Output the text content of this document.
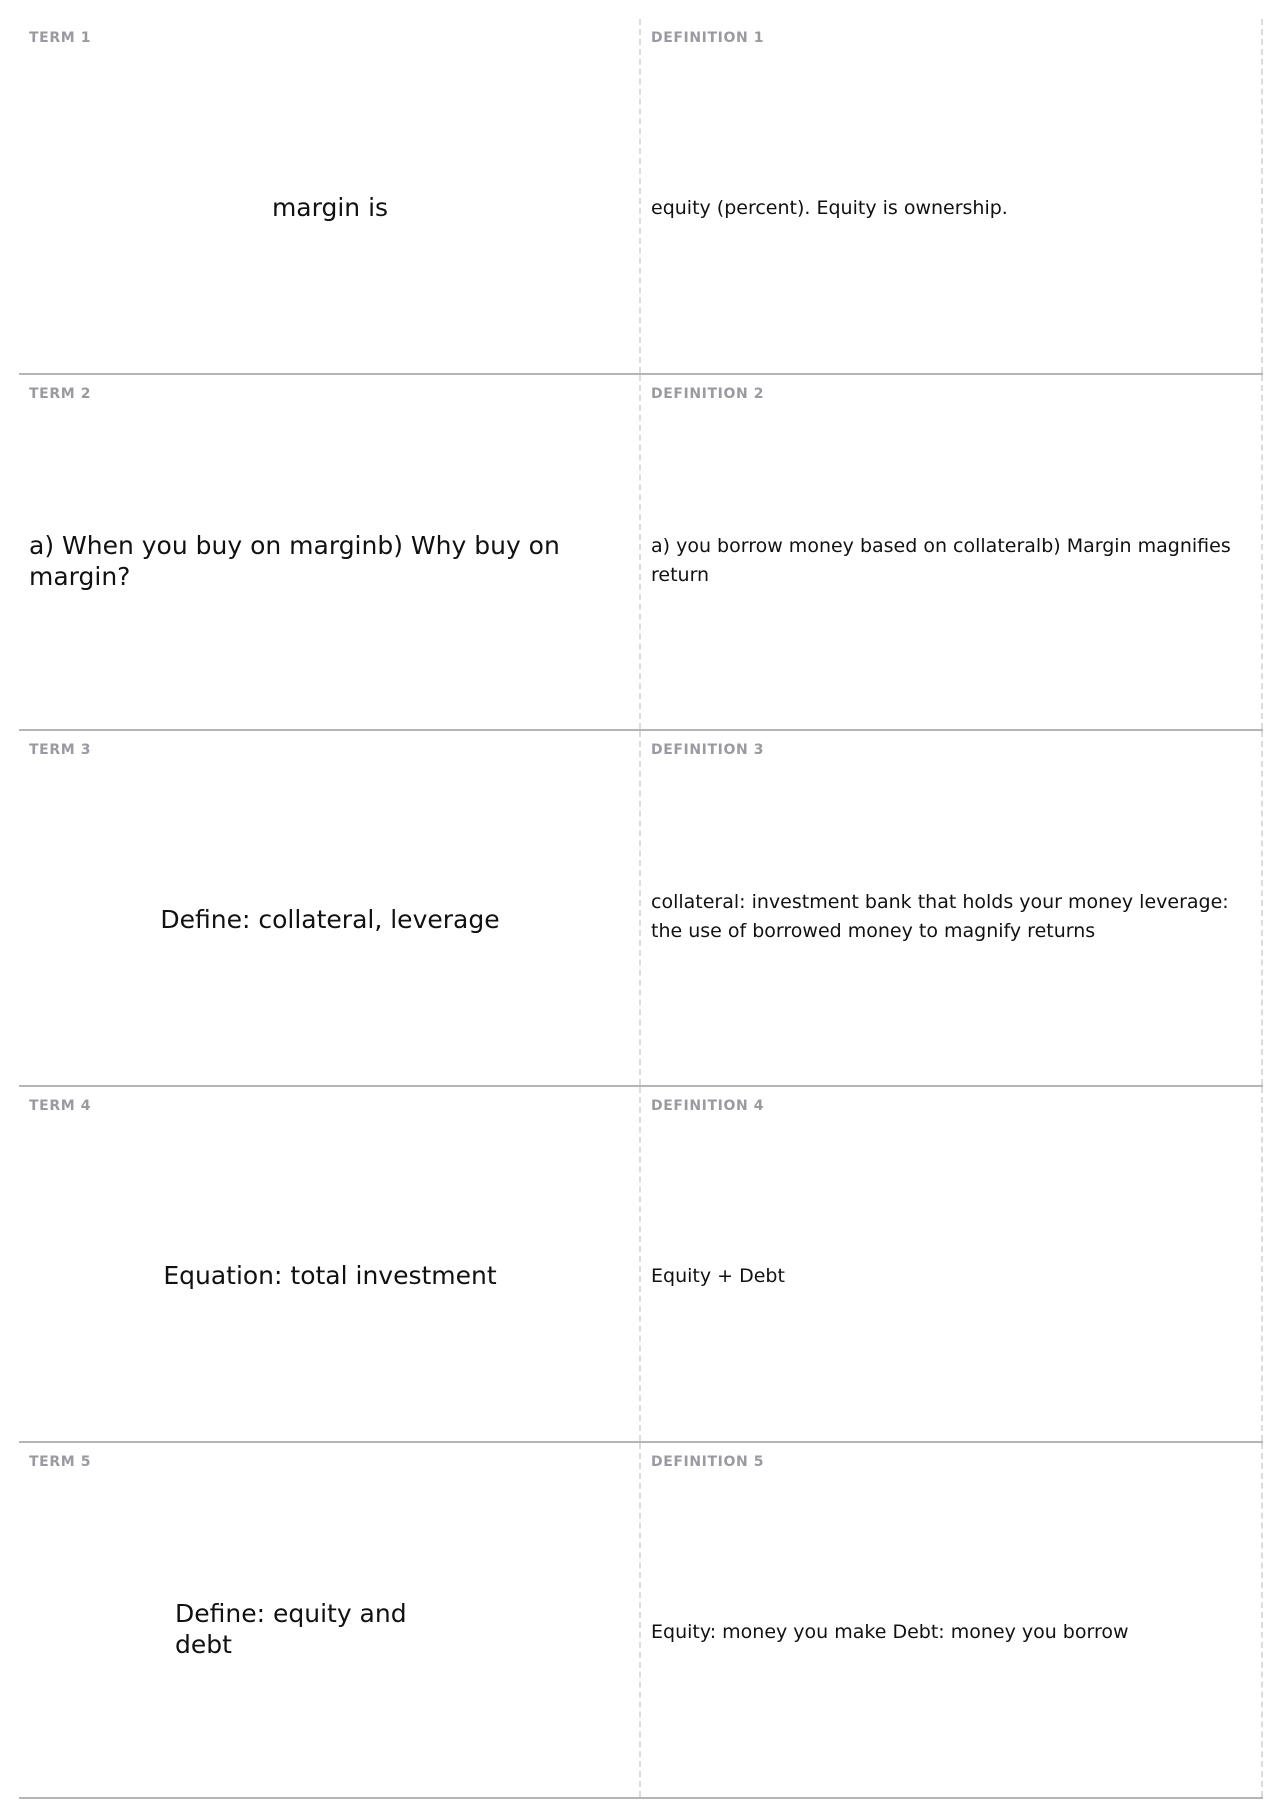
TERM 1
margin is
DEFINITION 1
equity (percent). Equity is ownership.
TERM 2
a) When you buy on marginb) Why buy on margin?
DEFINITION 2
a) you borrow money based on collateralb) Margin magnifies return
TERM 3
Define: collateral, leverage
DEFINITION 3
collateral: investment bank that holds your money leverage: the use of borrowed money to magnify returns
TERM 4
Equation: total investment
DEFINITION 4
Equity + Debt
TERM 5
Define: equity and debt
DEFINITION 5
Equity: money you make Debt: money you borrow
